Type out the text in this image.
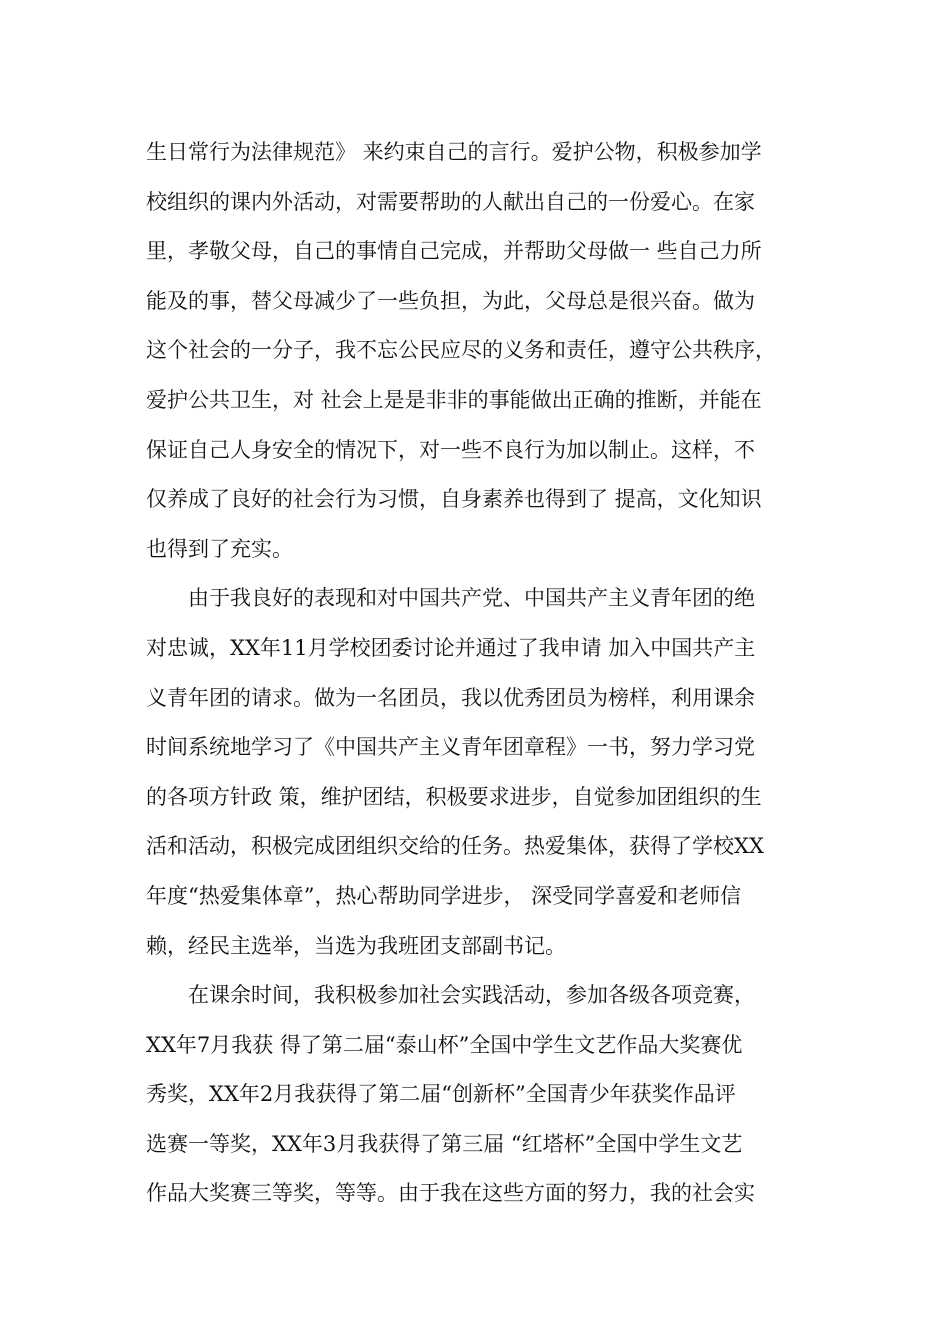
生日常行为法律规范》 来约束自己的言行。爱护公物，积极参加学
校组织的课内外活动，对需要帮助的人献出自己的一份爱心。在家
里，孝敬父母，自己的事情自己完成，并帮助父母做一 些自己力所
能及的事，替父母减少了一些负担，为此，父母总是很兴奋。做为
这个社会的一分子，我不忘公民应尽的义务和责任，遵守公共秩序，
爱护公共卫生，对 社会上是是非非的事能做出正确的推断，并能在
保证自己人身安全的情况下，对一些不良行为加以制止。这样，不
仅养成了良好的社会行为习惯，自身素养也得到了 提高，文化知识
也得到了充实。
　　由于我良好的表现和对中国共产党、中国共产主义青年团的绝
对忠诚，XX年11月学校团委讨论并通过了我申请 加入中国共产主
义青年团的请求。做为一名团员，我以优秀团员为榜样，利用课余
时间系统地学习了《中国共产主义青年团章程》一书，努力学习党
的各项方针政 策，维护团结，积极要求进步，自觉参加团组织的生
活和活动，积极完成团组织交给的任务。热爱集体，获得了学校XX
年度“热爱集体章”，热心帮助同学进步， 深受同学喜爱和老师信
赖，经民主选举，当选为我班团支部副书记。
　　在课余时间，我积极参加社会实践活动，参加各级各项竞赛，
XX年7月我获 得了第二届“泰山杯”全国中学生文艺作品大奖赛优
秀奖，XX年2月我获得了第二届“创新杯”全国青少年获奖作品评
选赛一等奖，XX年3月我获得了第三届 “红塔杯”全国中学生文艺
作品大奖赛三等奖，等等。由于我在这些方面的努力，我的社会实
